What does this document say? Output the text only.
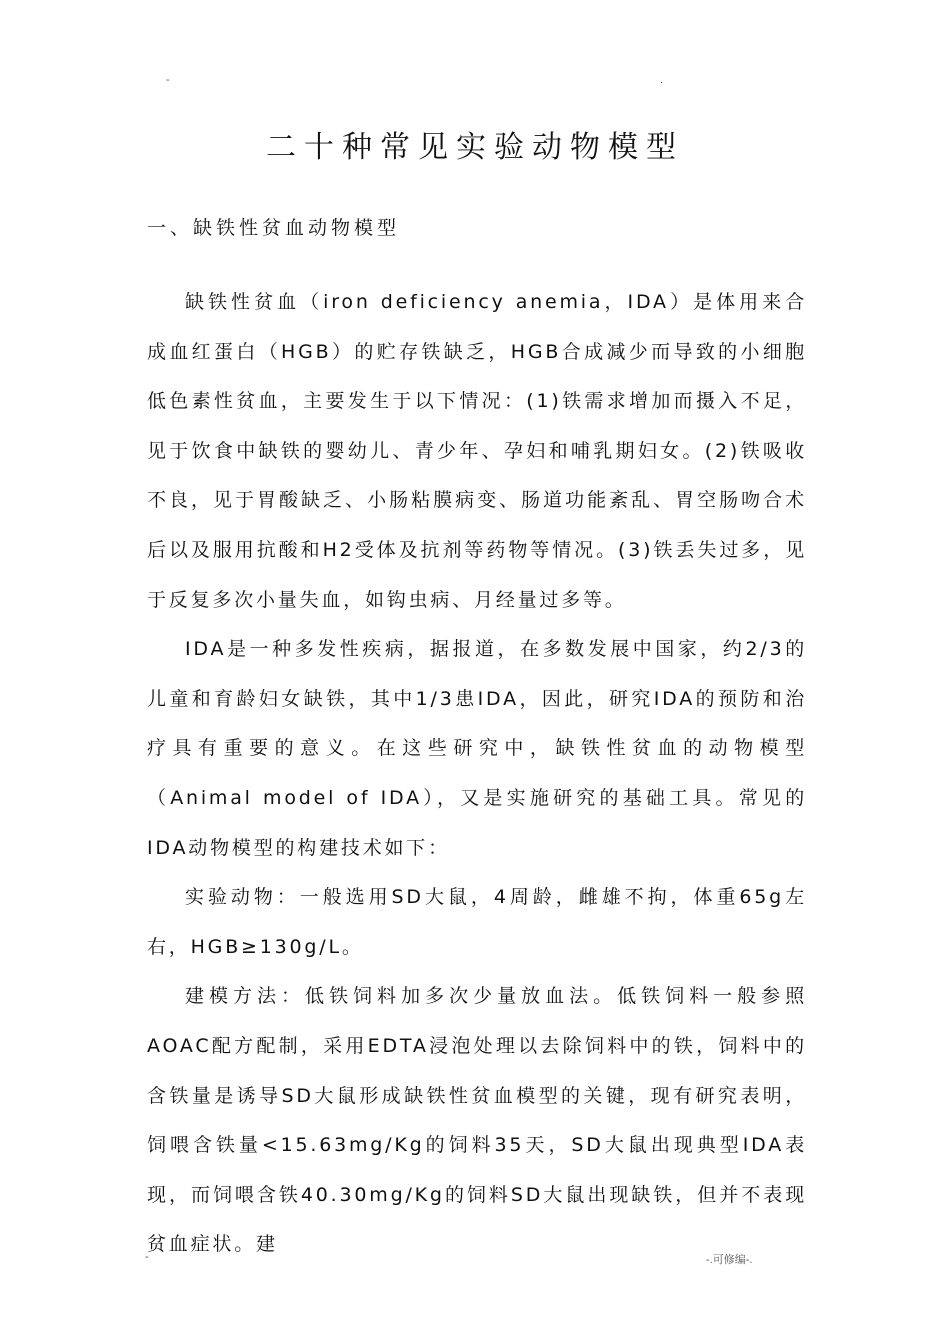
-	.
二十种常见实验动物模型
一、缺铁性贫血动物模型

缺铁性贫血（iron deficiency anemia，IDA）是体用来合成血红蛋白（HGB）的贮存铁缺乏，HGB合成减少而导致的小细胞低色素性贫血，主要发生于以下情况：(1)铁需求增加而摄入不足，见于饮食中缺铁的婴幼儿、青少年、孕妇和哺乳期妇女。(2)铁吸收不良，见于胃酸缺乏、小肠粘膜病变、肠道功能紊乱、胃空肠吻合术后以及服用抗酸和H2受体及抗剂等药物等情况。(3)铁丢失过多，见于反复多次小量失血，如钩虫病、月经量过多等。

IDA是一种多发性疾病，据报道，在多数发展中国家，约2/3的儿童和育龄妇女缺铁，其中1/3患IDA，因此，研究IDA的预防和治疗具有重要的意义。在这些研究中，缺铁性贫血的动物模型（Animal model of IDA），又是实施研究的基础工具。常见的IDA动物模型的构建技术如下：

实验动物：一般选用SD大鼠，4周龄，雌雄不拘，体重65g左右，HGB≥130g/L。

建模方法：低铁饲料加多次少量放血法。低铁饲料一般参照AOAC配方配制，采用EDTA浸泡处理以去除饲料中的铁，饲料中的含铁量是诱导SD大鼠形成缺铁性贫血模型的关键，现有研究表明，饲喂含铁量<15.63mg/Kg的饲料35天，SD大鼠出现典型IDA表现，而饲喂含铁40.30mg/Kg的饲料SD大鼠出现缺铁，但并不表现贫血症状。建

-	-.可修编-.
